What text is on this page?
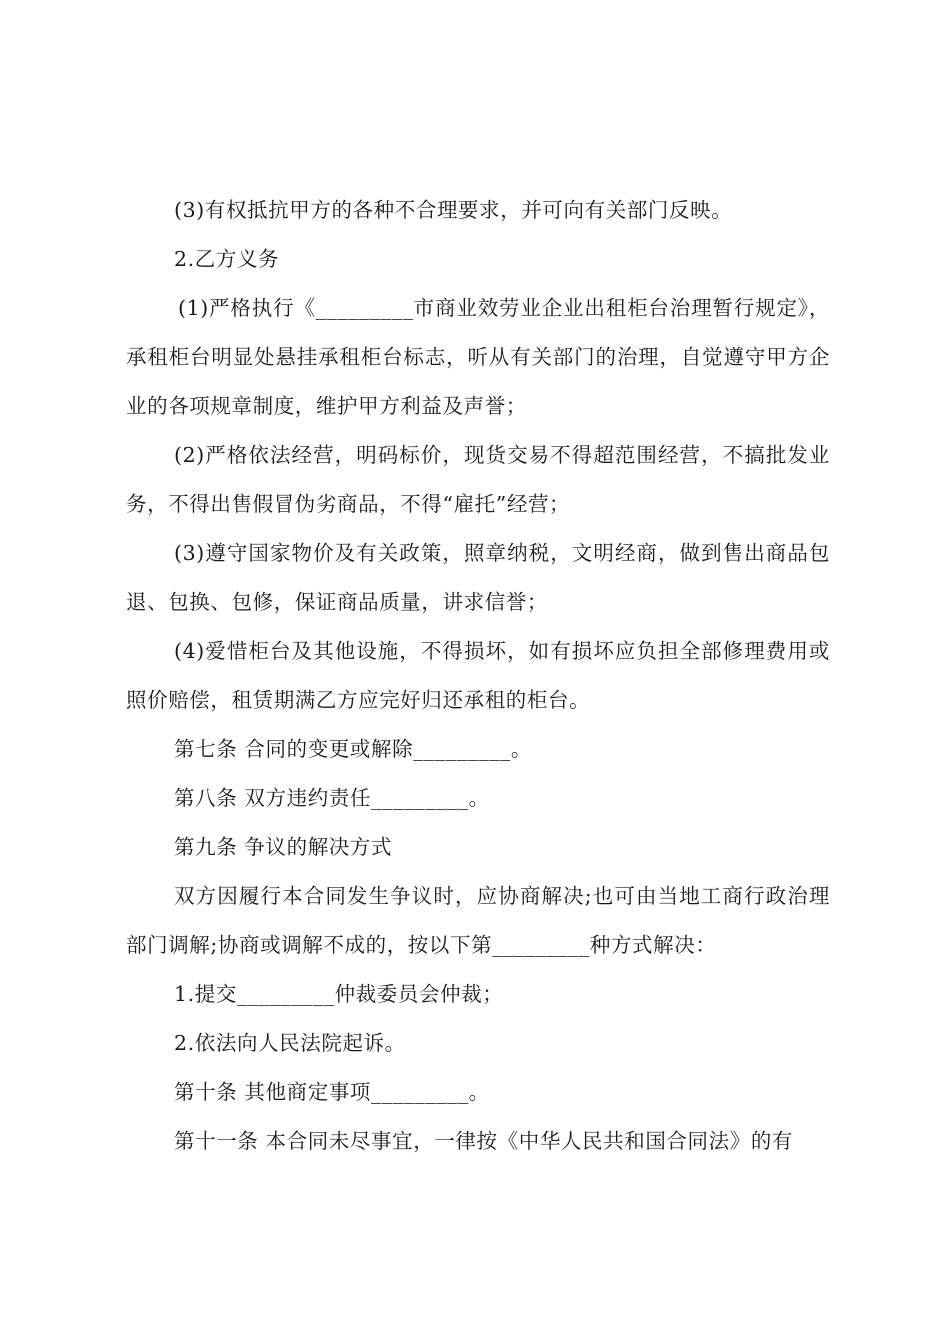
(3)有权抵抗甲方的各种不合理要求，并可向有关部门反映。

2.乙方义务

(1)严格执行《_________市商业效劳业企业出租柜台治理暂行规定》，承租柜台明显处悬挂承租柜台标志，听从有关部门的治理，自觉遵守甲方企业的各项规章制度，维护甲方利益及声誉；

(2)严格依法经营，明码标价，现货交易不得超范围经营，不搞批发业务，不得出售假冒伪劣商品，不得“雇托”经营；

(3)遵守国家物价及有关政策，照章纳税，文明经商，做到售出商品包退、包换、包修，保证商品质量，讲求信誉；

(4)爱惜柜台及其他设施，不得损坏，如有损坏应负担全部修理费用或照价赔偿，租赁期满乙方应完好归还承租的柜台。

第七条 合同的变更或解除_________。

第八条 双方违约责任_________。

第九条 争议的解决方式

双方因履行本合同发生争议时，应协商解决;也可由当地工商行政治理部门调解;协商或调解不成的，按以下第_________种方式解决：

1.提交_________仲裁委员会仲裁；

2.依法向人民法院起诉。

第十条 其他商定事项_________。

第十一条 本合同未尽事宜，一律按《中华人民共和国合同法》的有
